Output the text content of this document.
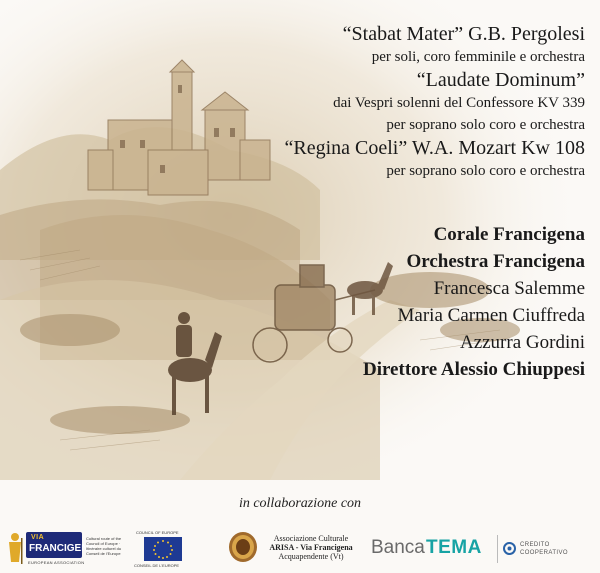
“Stabat Mater” G.B. Pergolesi
per soli, coro femminile e orchestra
“Laudate Dominum”
dai Vespri solenni del Confessore KV 339
per soprano solo coro e orchestra
“Regina Coeli” W.A. Mozart Kw 108
per soprano solo coro e orchestra
Corale Francigena
Orchestra Francigena
Francesca Salemme
Maria Carmen Ciuffreda
Azzurra Gordini
Direttore Alessio Chiuppesi
in collaborazione con
VIA
FRANCIGENA
EUROPEAN ASSOCIATION
Cultural route of the Council of Europe · Itinéraire culturel du Conseil de l'Europe
COUNCIL OF EUROPE
CONSEIL DE L'EUROPE
Associazione Culturale
ARISA - Via Francigena
Acquapendente (Vt)	Banca TEMA	CREDITO
COOPERATIVO
